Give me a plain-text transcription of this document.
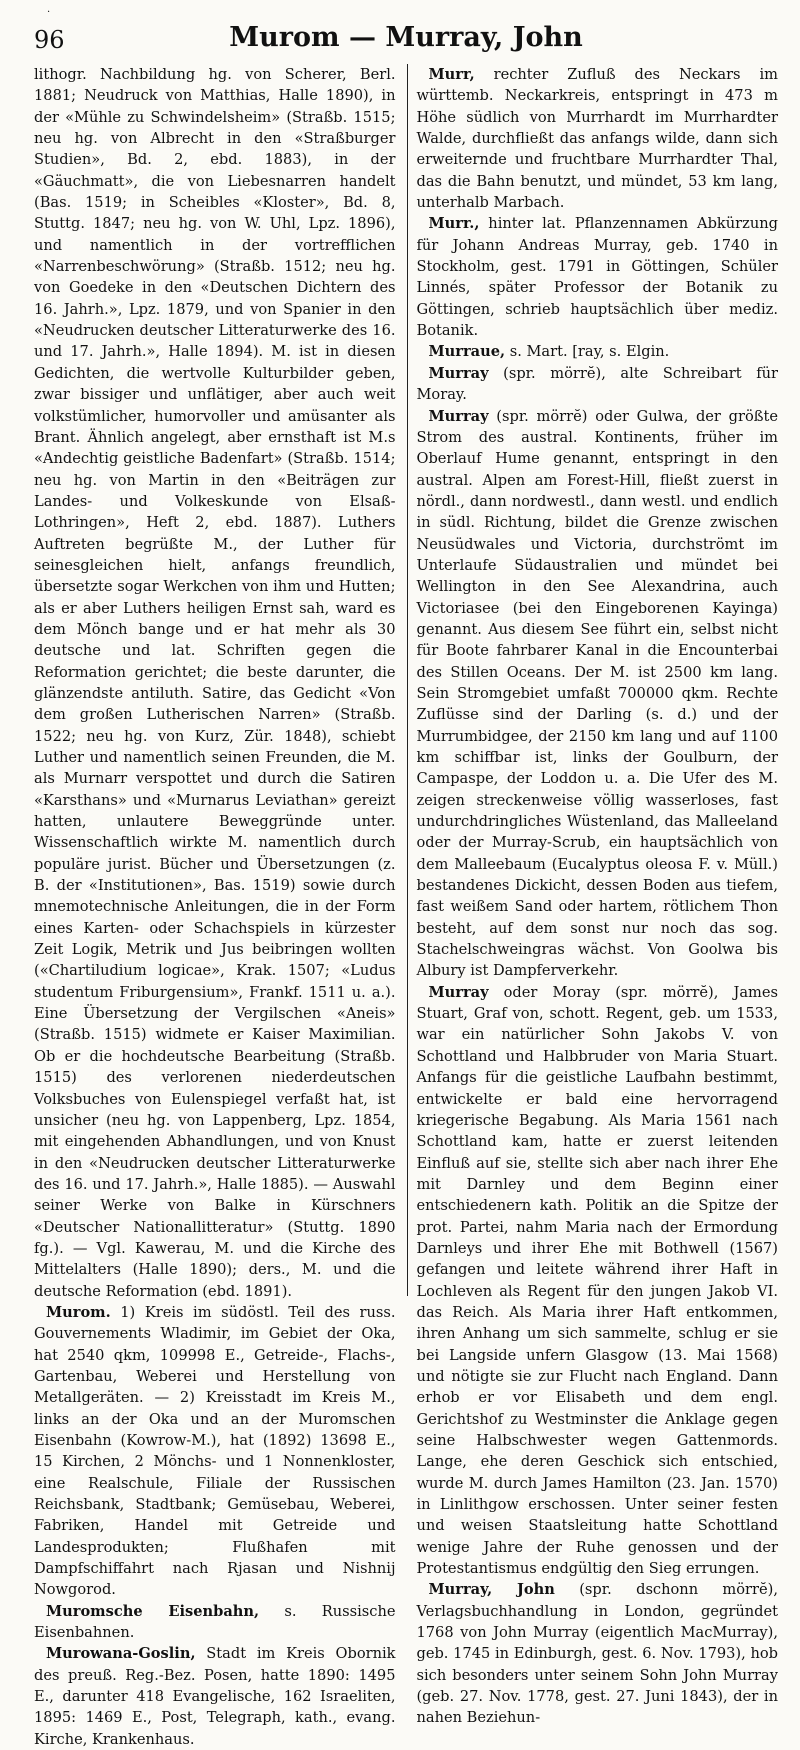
.
96	Murom — Murray, John

lithogr. Nachbildung hg. von Scherer, Berl. 1881; Neudruck von Matthias, Halle 1890), in der «Mühle zu Schwindelsheim» (Straßb. 1515; neu hg. von Albrecht in den «Straßburger Studien», Bd. 2, ebd. 1883), in der «Gäuchmatt», die von Liebesnarren handelt (Bas. 1519; in Scheibles «Kloster», Bd. 8, Stuttg. 1847; neu hg. von W. Uhl, Lpz. 1896), und namentlich in der vortrefflichen «Narrenbeschwörung» (Straßb. 1512; neu hg. von Goedeke in den «Deutschen Dichtern des 16. Jahrh.», Lpz. 1879, und von Spanier in den «Neudrucken deutscher Litteraturwerke des 16. und 17. Jahrh.», Halle 1894). M. ist in diesen Gedichten, die wertvolle Kulturbilder geben, zwar bissiger und unflätiger, aber auch weit volkstümlicher, humorvoller und amüsanter als Brant. Ähnlich angelegt, aber ernsthaft ist M.s «Andechtig geistliche Badenfart» (Straßb. 1514; neu hg. von Martin in den «Beiträgen zur Landes- und Volkeskunde von Elsaß-Lothringen», Heft 2, ebd. 1887). Luthers Auftreten begrüßte M., der Luther für seinesgleichen hielt, anfangs freundlich, übersetzte sogar Werkchen von ihm und Hutten; als er aber Luthers heiligen Ernst sah, ward es dem Mönch bange und er hat mehr als 30 deutsche und lat. Schriften gegen die Reformation gerichtet; die beste darunter, die glänzendste antiluth. Satire, das Gedicht «Von dem großen Lutherischen Narren» (Straßb. 1522; neu hg. von Kurz, Zür. 1848), schiebt Luther und namentlich seinen Freunden, die M. als Murnarr verspottet und durch die Satiren «Karsthans» und «Murnarus Leviathan» gereizt hatten, unlautere Beweggründe unter. Wissenschaftlich wirkte M. namentlich durch populäre jurist. Bücher und Übersetzungen (z. B. der «Institutionen», Bas. 1519) sowie durch mnemotechnische Anleitungen, die in der Form eines Karten- oder Schachspiels in kürzester Zeit Logik, Metrik und Jus beibringen wollten («Chartiludium logicae», Krak. 1507; «Ludus studentum Friburgensium», Frankf. 1511 u. a.). Eine Übersetzung der Vergilschen «Aneis» (Straßb. 1515) widmete er Kaiser Maximilian. Ob er die hochdeutsche Bearbeitung (Straßb. 1515) des verlorenen niederdeutschen Volksbuches von Eulenspiegel verfaßt hat, ist unsicher (neu hg. von Lappenberg, Lpz. 1854, mit eingehenden Abhandlungen, und von Knust in den «Neudrucken deutscher Litteraturwerke des 16. und 17. Jahrh.», Halle 1885). — Auswahl seiner Werke von Balke in Kürschners «Deutscher Nationallitteratur» (Stuttg. 1890 fg.). — Vgl. Kawerau, M. und die Kirche des Mittelalters (Halle 1890); ders., M. und die deutsche Reformation (ebd. 1891).

Murom. 1) Kreis im südöstl. Teil des russ. Gouvernements Wladimir, im Gebiet der Oka, hat 2540 qkm, 109998 E., Getreide-, Flachs-, Gartenbau, Weberei und Herstellung von Metallgeräten. — 2) Kreisstadt im Kreis M., links an der Oka und an der Muromschen Eisenbahn (Kowrow-M.), hat (1892) 13698 E., 15 Kirchen, 2 Mönchs- und 1 Nonnenkloster, eine Realschule, Filiale der Russischen Reichsbank, Stadtbank; Gemüsebau, Weberei, Fabriken, Handel mit Getreide und Landesprodukten; Flußhafen mit Dampfschiffahrt nach Rjasan und Nishnij Nowgorod.

Muromsche Eisenbahn, s. Russische Eisenbahnen.

Murowana-Goslin, Stadt im Kreis Obornik des preuß. Reg.-Bez. Posen, hatte 1890: 1495 E., darunter 418 Evangelische, 162 Israeliten, 1895: 1469 E., Post, Telegraph, kath., evang. Kirche, Krankenhaus.

Murr, rechter Zufluß des Neckars im württemb. Neckarkreis, entspringt in 473 m Höhe südlich von Murrhardt im Murrhardter Walde, durchfließt das anfangs wilde, dann sich erweiternde und fruchtbare Murrhardter Thal, das die Bahn benutzt, und mündet, 53 km lang, unterhalb Marbach.

Murr., hinter lat. Pflanzennamen Abkürzung für Johann Andreas Murray, geb. 1740 in Stockholm, gest. 1791 in Göttingen, Schüler Linnés, später Professor der Botanik zu Göttingen, schrieb hauptsächlich über mediz. Botanik.

Murraue, s. Mart. [ray, s. Elgin.

Murray (spr. mörrĕ), alte Schreibart für Moray.

Murray (spr. mörrĕ) oder Gulwa, der größte Strom des austral. Kontinents, früher im Oberlauf Hume genannt, entspringt in den austral. Alpen am Forest-Hill, fließt zuerst in nördl., dann nordwestl., dann westl. und endlich in südl. Richtung, bildet die Grenze zwischen Neusüdwales und Victoria, durchströmt im Unterlaufe Südaustralien und mündet bei Wellington in den See Alexandrina, auch Victoriasee (bei den Eingeborenen Kayinga) genannt. Aus diesem See führt ein, selbst nicht für Boote fahrbarer Kanal in die Encounterbai des Stillen Oceans. Der M. ist 2500 km lang. Sein Stromgebiet umfaßt 700000 qkm. Rechte Zuflüsse sind der Darling (s. d.) und der Murrumbidgee, der 2150 km lang und auf 1100 km schiffbar ist, links der Goulburn, der Campaspe, der Loddon u. a. Die Ufer des M. zeigen streckenweise völlig wasserloses, fast undurchdringliches Wüstenland, das Malleeland oder der Murray-Scrub, ein hauptsächlich von dem Malleebaum (Eucalyptus oleosa F. v. Müll.) bestandenes Dickicht, dessen Boden aus tiefem, fast weißem Sand oder hartem, rötlichem Thon besteht, auf dem sonst nur noch das sog. Stachelschweingras wächst. Von Goolwa bis Albury ist Dampferverkehr.

Murray oder Moray (spr. mörrĕ), James Stuart, Graf von, schott. Regent, geb. um 1533, war ein natürlicher Sohn Jakobs V. von Schottland und Halbbruder von Maria Stuart. Anfangs für die geistliche Laufbahn bestimmt, entwickelte er bald eine hervorragend kriegerische Begabung. Als Maria 1561 nach Schottland kam, hatte er zuerst leitenden Einfluß auf sie, stellte sich aber nach ihrer Ehe mit Darnley und dem Beginn einer entschiedenern kath. Politik an die Spitze der prot. Partei, nahm Maria nach der Ermordung Darnleys und ihrer Ehe mit Bothwell (1567) gefangen und leitete während ihrer Haft in Lochleven als Regent für den jungen Jakob VI. das Reich. Als Maria ihrer Haft entkommen, ihren Anhang um sich sammelte, schlug er sie bei Langside unfern Glasgow (13. Mai 1568) und nötigte sie zur Flucht nach England. Dann erhob er vor Elisabeth und dem engl. Gerichtshof zu Westminster die Anklage gegen seine Halbschwester wegen Gattenmords. Lange, ehe deren Geschick sich entschied, wurde M. durch James Hamilton (23. Jan. 1570) in Linlithgow erschossen. Unter seiner festen und weisen Staatsleitung hatte Schottland wenige Jahre der Ruhe genossen und der Protestantismus endgültig den Sieg errungen.

Murray, John (spr. dschonn mörrĕ), Verlagsbuchhandlung in London, gegründet 1768 von John Murray (eigentlich MacMurray), geb. 1745 in Edinburgh, gest. 6. Nov. 1793), hob sich besonders unter seinem Sohn John Murray (geb. 27. Nov. 1778, gest. 27. Juni 1843), der in nahen Beziehun-
